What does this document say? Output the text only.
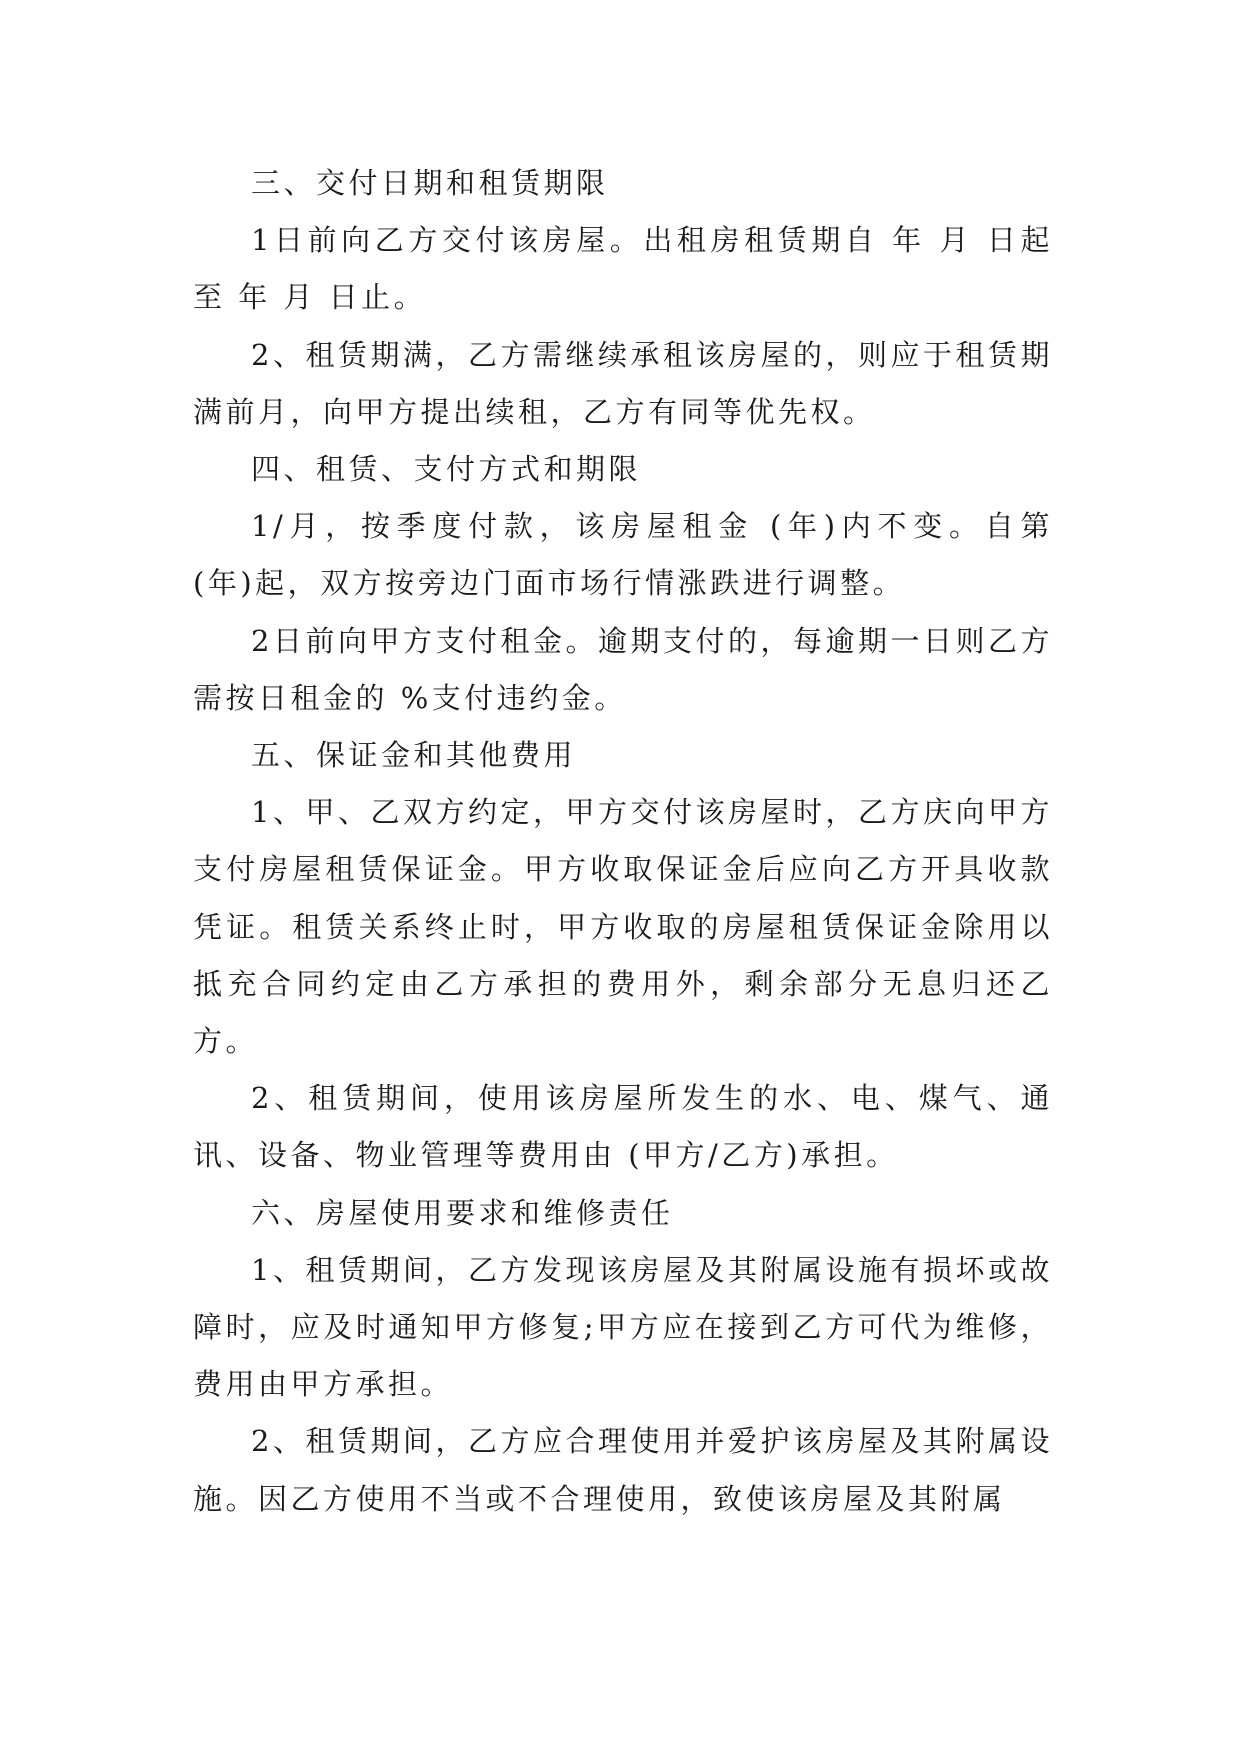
三、交付日期和租赁期限

1日前向乙方交付该房屋。出租房租赁期自 年 月 日起至 年 月 日止。

2、租赁期满，乙方需继续承租该房屋的，则应于租赁期满前月，向甲方提出续租，乙方有同等优先权。

四、租赁、支付方式和期限

1/月，按季度付款，该房屋租金 (年)内不变。自第 (年)起，双方按旁边门面市场行情涨跌进行调整。

2日前向甲方支付租金。逾期支付的，每逾期一日则乙方需按日租金的 %支付违约金。

五、保证金和其他费用

1、甲、乙双方约定，甲方交付该房屋时，乙方庆向甲方支付房屋租赁保证金。甲方收取保证金后应向乙方开具收款凭证。租赁关系终止时，甲方收取的房屋租赁保证金除用以抵充合同约定由乙方承担的费用外，剩余部分无息归还乙方。

2、租赁期间，使用该房屋所发生的水、电、煤气、通讯、设备、物业管理等费用由 (甲方/乙方)承担。

六、房屋使用要求和维修责任

1、租赁期间，乙方发现该房屋及其附属设施有损坏或故障时，应及时通知甲方修复;甲方应在接到乙方可代为维修，费用由甲方承担。

2、租赁期间，乙方应合理使用并爱护该房屋及其附属设施。因乙方使用不当或不合理使用，致使该房屋及其附属
